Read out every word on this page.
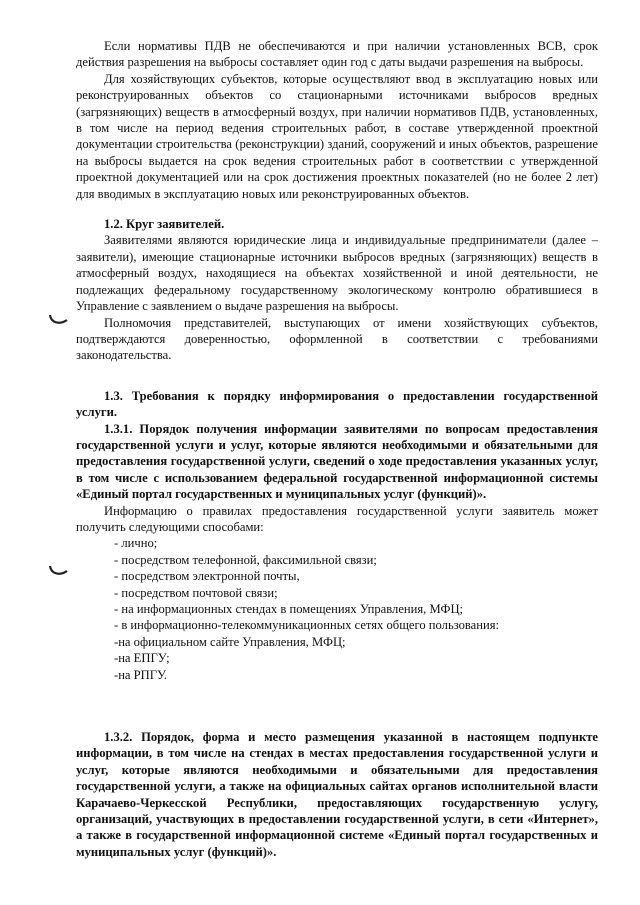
Если нормативы ПДВ не обеспечиваются и при наличии установленных ВСВ, срок действия разрешения на выбросы составляет один год с даты выдачи разрешения на выбросы.

Для хозяйствующих субъектов, которые осуществляют ввод в эксплуатацию новых или реконструированных объектов со стационарными источниками выбросов вредных (загрязняющих) веществ в атмосферный воздух, при наличии нормативов ПДВ, установленных, в том числе на период ведения строительных работ, в составе утвержденной проектной документации строительства (реконструкции) зданий, сооружений и иных объектов, разрешение на выбросы выдается на срок ведения строительных работ в соответствии с утвержденной проектной документацией или на срок достижения проектных показателей (но не более 2 лет) для вводимых в эксплуатацию новых или реконструированных объектов.

1.2. Круг заявителей.

Заявителями являются юридические лица и индивидуальные предприниматели (далее – заявители), имеющие стационарные источники выбросов вредных (загрязняющих) веществ в атмосферный воздух, находящиеся на объектах хозяйственной и иной деятельности, не подлежащих федеральному государственному экологическому контролю обратившиеся в Управление с заявлением о выдаче разрешения на выбросы.

Полномочия представителей, выступающих от имени хозяйствующих субъектов, подтверждаются доверенностью, оформленной в соответствии с требованиями законодательства.

1.3. Требования к порядку информирования о предоставлении государственной услуги.

1.3.1. Порядок получения информации заявителями по вопросам предоставления государственной услуги и услуг, которые являются необходимыми и обязательными для предоставления государственной услуги, сведений о ходе предоставления указанных услуг, в том числе с использованием федеральной государственной информационной системы «Единый портал государственных и муниципальных услуг (функций)».

Информацию о правилах предоставления государственной услуги заявитель может получить следующими способами:

- лично;
- посредством телефонной, факсимильной связи;
- посредством электронной почты,
- посредством почтовой связи;
- на информационных стендах в помещениях Управления, МФЦ;
- в информационно-телекоммуникационных сетях общего пользования:
-на официальном сайте Управления, МФЦ;
-на ЕПГУ;
-на РПГУ.

1.3.2. Порядок, форма и место размещения указанной в настоящем подпункте информации, в том числе на стендах в местах предоставления государственной услуги и услуг, которые являются необходимыми и обязательными для предоставления государственной услуги, а также на официальных сайтах органов исполнительной власти Карачаево-Черкесской Республики, предоставляющих государственную услугу, организаций, участвующих в предоставлении государственной услуги, в сети «Интернет», а также в государственной информационной системе «Единый портал государственных и муниципальных услуг (функций)».
